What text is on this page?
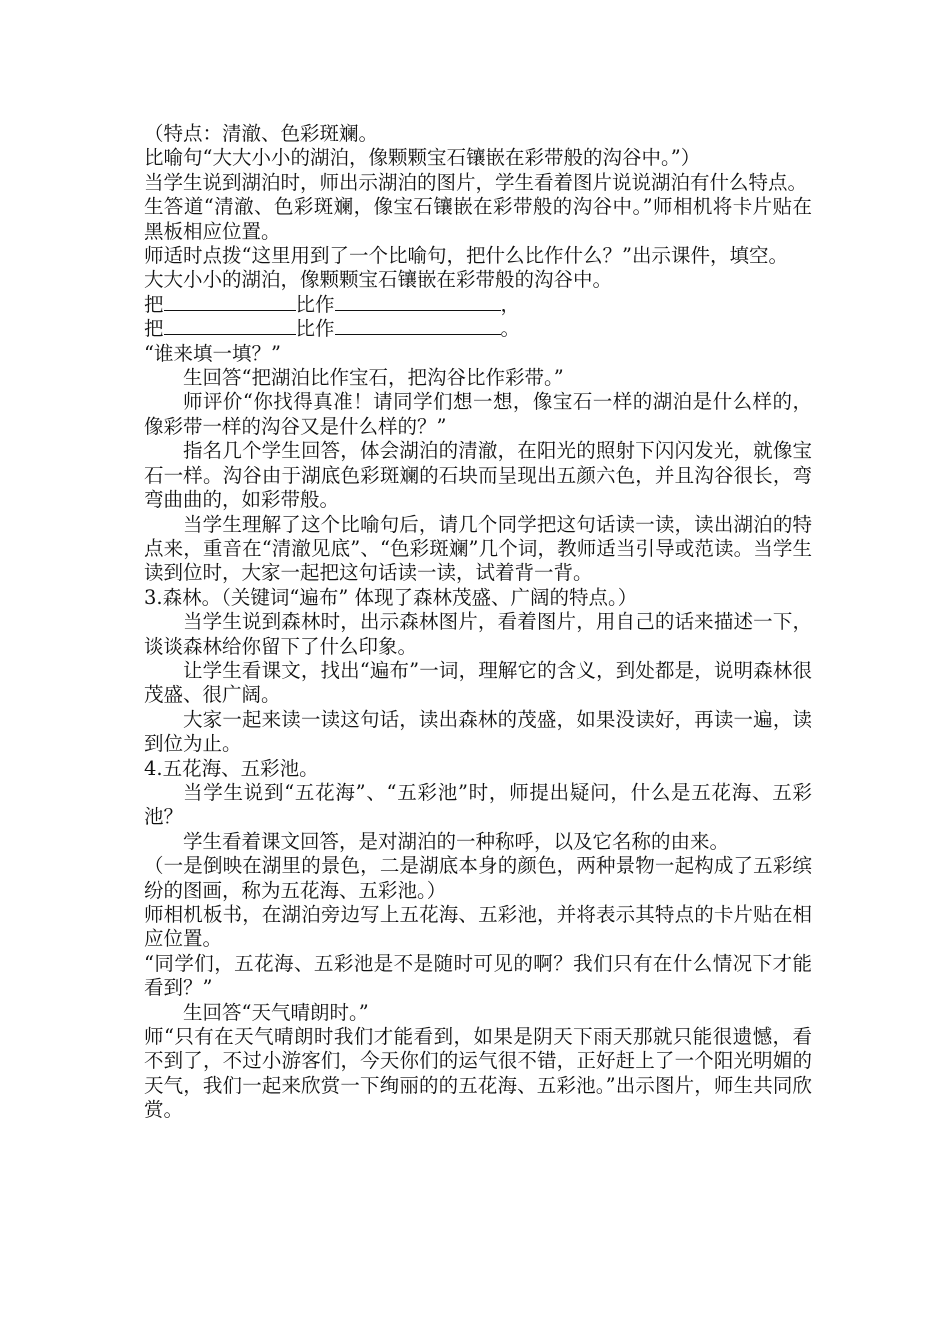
（特点：清澈、色彩斑斓。

比喻句“大大小小的湖泊，像颗颗宝石镶嵌在彩带般的沟谷中。”）

当学生说到湖泊时，师出示湖泊的图片，学生看着图片说说湖泊有什么特点。

生答道“清澈、色彩斑斓，像宝石镶嵌在彩带般的沟谷中。”师相机将卡片贴在黑板相应位置。

师适时点拨“这里用到了一个比喻句，把什么比作什么？”出示课件，填空。

大大小小的湖泊，像颗颗宝石镶嵌在彩带般的沟谷中。

把	比作	，

把	比作	。

“谁来填一填？”

生回答“把湖泊比作宝石，把沟谷比作彩带。”

师评价“你找得真准！请同学们想一想，像宝石一样的湖泊是什么样的，像彩带一样的沟谷又是什么样的？”

指名几个学生回答，体会湖泊的清澈，在阳光的照射下闪闪发光，就像宝石一样。沟谷由于湖底色彩斑斓的石块而呈现出五颜六色，并且沟谷很长，弯弯曲曲的，如彩带般。

当学生理解了这个比喻句后，请几个同学把这句话读一读，读出湖泊的特点来，重音在“清澈见底”、“色彩斑斓”几个词，教师适当引导或范读。当学生读到位时，大家一起把这句话读一读，试着背一背。

3.森林。（关键词“遍布” 体现了森林茂盛、广阔的特点。）

当学生说到森林时，出示森林图片，看着图片，用自己的话来描述一下，谈谈森林给你留下了什么印象。

让学生看课文，找出“遍布”一词，理解它的含义，到处都是，说明森林很茂盛、很广阔。

大家一起来读一读这句话，读出森林的茂盛，如果没读好，再读一遍，读到位为止。

4.五花海、五彩池。

当学生说到“五花海”、“五彩池”时，师提出疑问，什么是五花海、五彩池？

学生看着课文回答，是对湖泊的一种称呼，以及它名称的由来。

（一是倒映在湖里的景色，二是湖底本身的颜色，两种景物一起构成了五彩缤纷的图画，称为五花海、五彩池。）

师相机板书，在湖泊旁边写上五花海、五彩池，并将表示其特点的卡片贴在相应位置。

“同学们，五花海、五彩池是不是随时可见的啊？我们只有在什么情况下才能看到？”

生回答“天气晴朗时。”

师“只有在天气晴朗时我们才能看到，如果是阴天下雨天那就只能很遗憾，看不到了，不过小游客们，今天你们的运气很不错，正好赶上了一个阳光明媚的天气，我们一起来欣赏一下绚丽的的五花海、五彩池。”出示图片，师生共同欣赏。
